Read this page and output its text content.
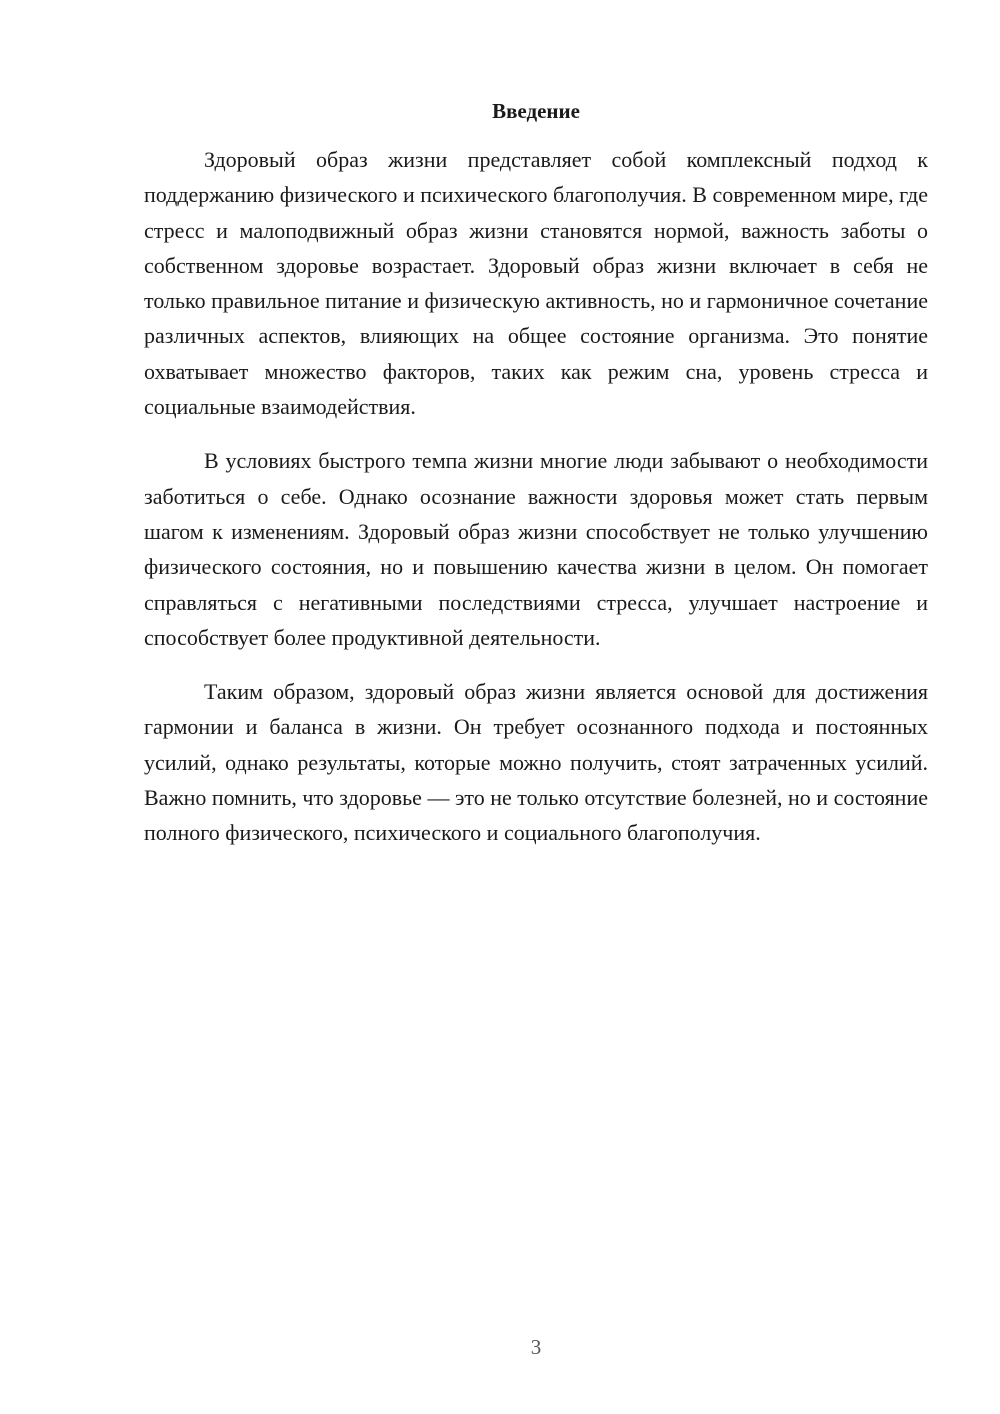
Введение

Здоровый образ жизни представляет собой комплексный подход к поддержанию физического и психического благополучия. В современном мире, где стресс и малоподвижный образ жизни становятся нормой, важность заботы о собственном здоровье возрастает. Здоровый образ жизни включает в себя не только правильное питание и физическую активность, но и гармоничное сочетание различных аспектов, влияющих на общее состояние организма. Это понятие охватывает множество факторов, таких как режим сна, уровень стресса и социальные взаимодействия.

В условиях быстрого темпа жизни многие люди забывают о необходимости заботиться о себе. Однако осознание важности здоровья может стать первым шагом к изменениям. Здоровый образ жизни способствует не только улучшению физического состояния, но и повышению качества жизни в целом. Он помогает справляться с негативными последствиями стресса, улучшает настроение и способствует более продуктивной деятельности.

Таким образом, здоровый образ жизни является основой для достижения гармонии и баланса в жизни. Он требует осознанного подхода и постоянных усилий, однако результаты, которые можно получить, стоят затраченных усилий. Важно помнить, что здоровье — это не только отсутствие болезней, но и состояние полного физического, психического и социального благополучия.

3
